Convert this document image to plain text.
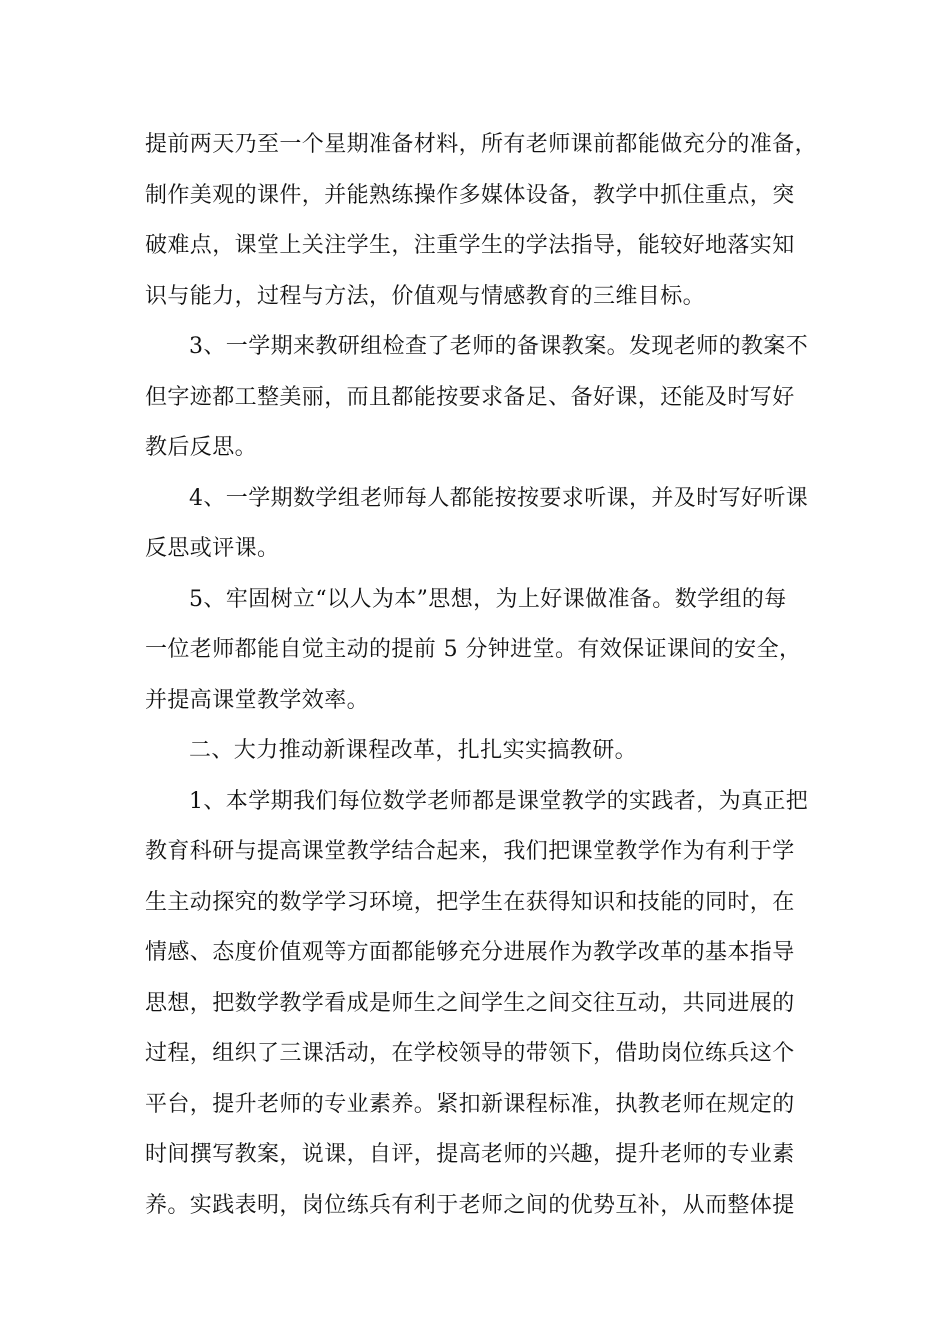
提前两天乃至一个星期准备材料，所有老师课前都能做充分的准备，
制作美观的课件，并能熟练操作多媒体设备，教学中抓住重点，突
破难点，课堂上关注学生，注重学生的学法指导，能较好地落实知
识与能力，过程与方法，价值观与情感教育的三维目标。
3、一学期来教研组检查了老师的备课教案。发现老师的教案不
但字迹都工整美丽，而且都能按要求备足、备好课，还能及时写好
教后反思。
4、一学期数学组老师每人都能按按要求听课，并及时写好听课
反思或评课。
5、牢固树立“以人为本”思想，为上好课做准备。数学组的每
一位老师都能自觉主动的提前 5 分钟进堂。有效保证课间的安全，
并提高课堂教学效率。
二、大力推动新课程改革，扎扎实实搞教研。
1、本学期我们每位数学老师都是课堂教学的实践者，为真正把
教育科研与提高课堂教学结合起来，我们把课堂教学作为有利于学
生主动探究的数学学习环境，把学生在获得知识和技能的同时，在
情感、态度价值观等方面都能够充分进展作为教学改革的基本指导
思想，把数学教学看成是师生之间学生之间交往互动，共同进展的
过程，组织了三课活动，在学校领导的带领下，借助岗位练兵这个
平台，提升老师的专业素养。紧扣新课程标准，执教老师在规定的
时间撰写教案，说课，自评，提高老师的兴趣，提升老师的专业素
养。实践表明，岗位练兵有利于老师之间的优势互补，从而整体提
